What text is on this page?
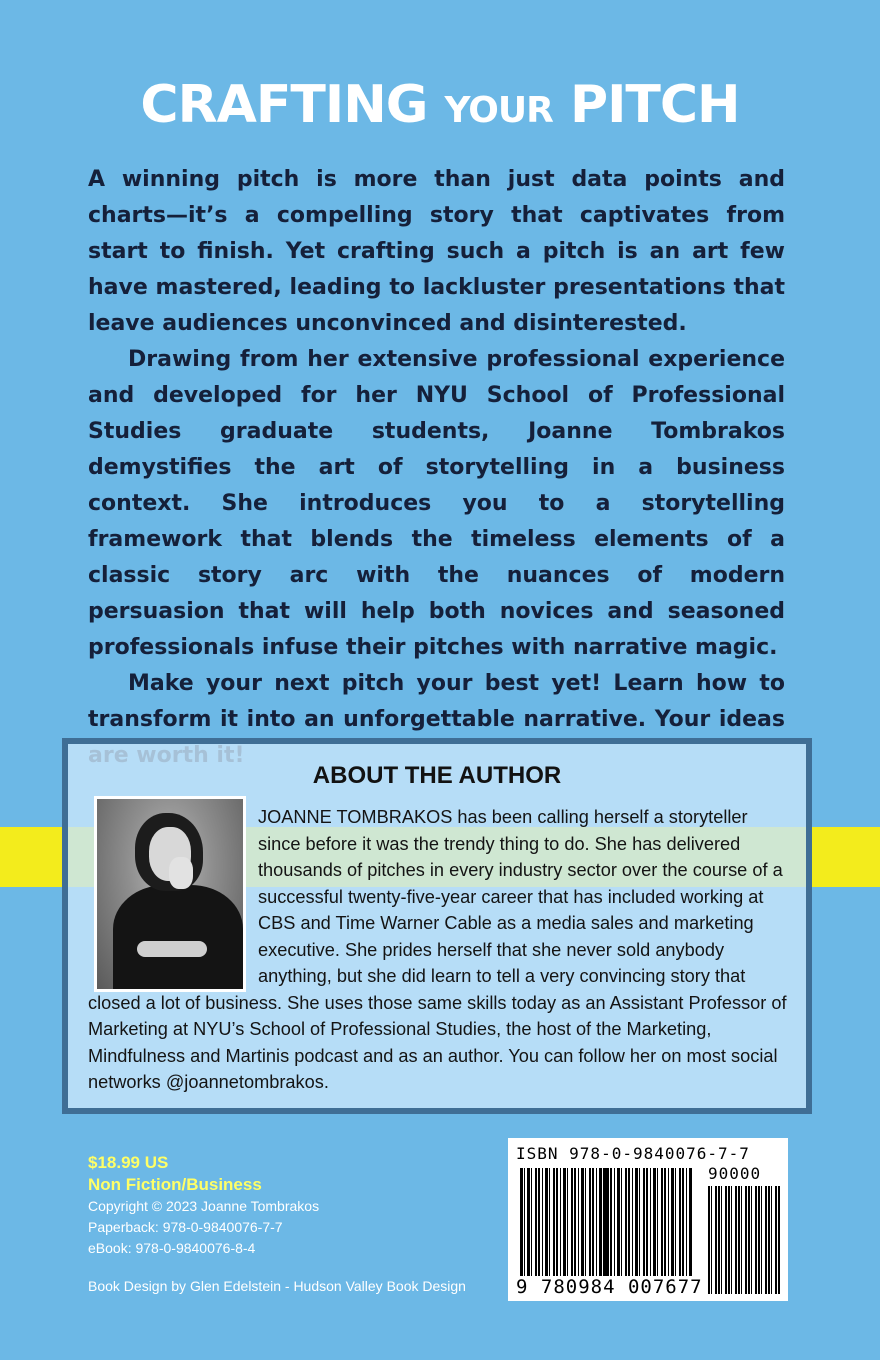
CRAFTING YOUR PITCH

A winning pitch is more than just data points and charts—it’s a compelling story that captivates from start to finish. Yet crafting such a pitch is an art few have mastered, leading to lackluster presentations that leave audiences unconvinced and disinterested.

Drawing from her extensive professional experience and developed for her NYU School of Professional Studies graduate students, Joanne Tombrakos demystifies the art of storytelling in a business context. She introduces you to a storytelling framework that blends the timeless elements of a classic story arc with the nuances of modern persuasion that will help both novices and seasoned professionals infuse their pitches with narrative magic.

Make your next pitch your best yet! Learn how to transform it into an unforgettable narrative. Your ideas

ABOUT THE AUTHOR
JOANNE TOMBRAKOS has been calling herself a storyteller since before it was the trendy thing to do. She has delivered thousands of pitches in every industry sector over the course of a successful twenty-five-year career that has included working at CBS and Time Warner Cable as a media sales and marketing executive. She prides herself that she never sold anybody anything, but she did learn to tell a very convincing story that closed a lot of business. She uses those same skills today as an Assistant Professor of Marketing at NYU’s School of Professional Studies, the host of the Marketing, Mindfulness and Martinis podcast and as an author. You can follow her on most social networks @joannetombrakos.
$18.99 US
Non Fiction/Business
Copyright © 2023 Joanne Tombrakos
Paperback: 978-0-9840076-7-7
eBook: 978-0-9840076-8-4
Book Design by Glen Edelstein - Hudson Valley Book Design
ISBN 978-0-9840076-7-7
90000
9 780984 007677
